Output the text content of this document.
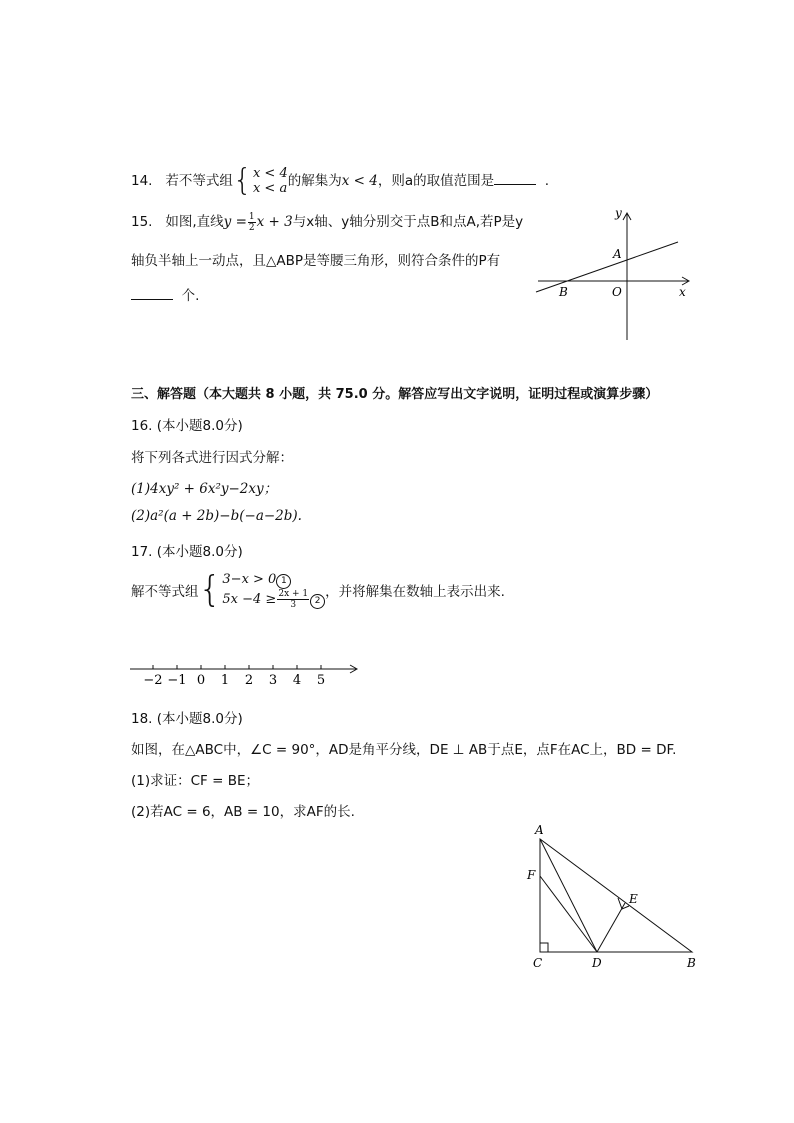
14. 若不等式组 { x < 4
x < a 的解集为x < 4，则a的取值范围是	.
15. 如图,直线$y = \frac{1}{2}$ x + 3与x轴、y轴分别交于点B和点A,若P是y
轴负半轴上一动点，且△ABP是等腰三角形，则符合条件的P有
个.
y
A
B	O	x
三、解答题（本大题共 8 小题，共 75.0 分。解答应写出文字说明，证明过程或演算步骤）
16. (本小题8.0分)
将下列各式进行因式分解：
(1)4xy² + 6x²y−2xy；
(2)a²(a + 2b)−b(−a−2b).
17. (本小题8.0分)
解不等式组 { 3−x > 0 1
$5x -4 \ge \frac{2x + 1}{3} 2$
，并将解集在数轴上表示出来.
−2 −1 0 1 2 3 4 5
18. (本小题8.0分)
如图，在△ABC中，∠C = 90°，AD是角平分线，DE ⊥ AB于点E，点F在AC上，BD = DF.
(1)求证：CF = BE；
(2)若AC = 6，AB = 10，求AF的长.
A
F
E
C	D	B
